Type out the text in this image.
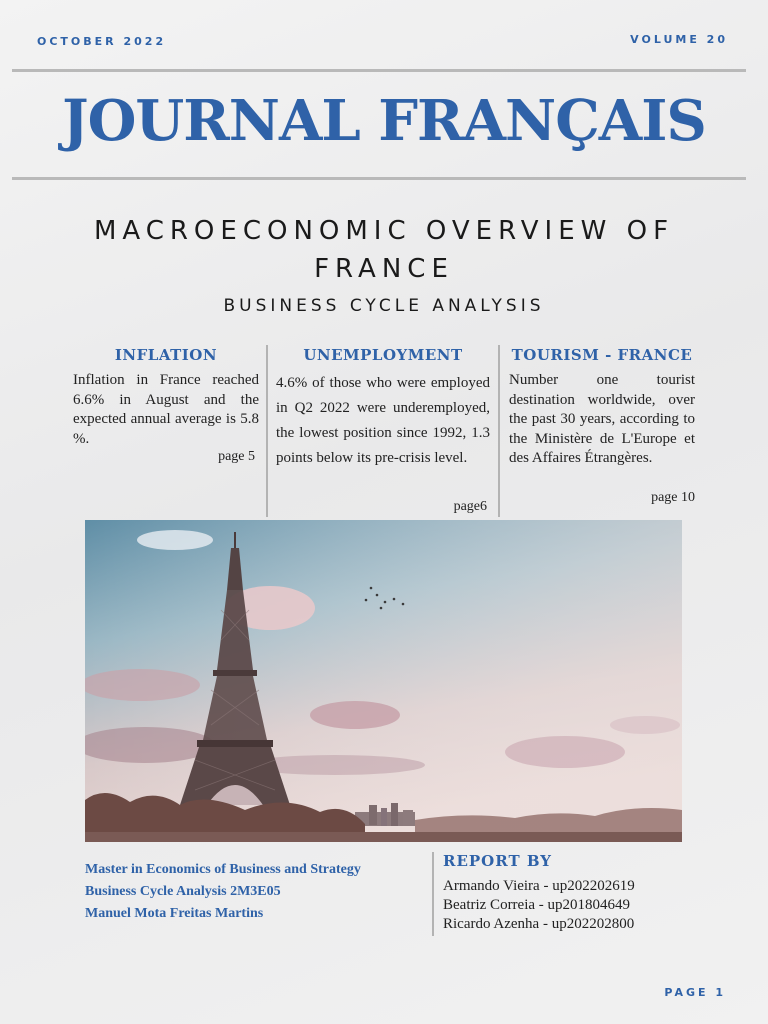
OCTOBER 2022	VOLUME 20
JOURNAL FRANÇAIS
MACROECONOMIC OVERVIEW OF FRANCE
BUSINESS CYCLE ANALYSIS
INFLATION
Inflation in France reached 6.6% in August and the expected annual average is 5.8 %.
page 5
UNEMPLOYMENT
4.6% of those who were employed in Q2 2022 were underemployed, the lowest position since 1992, 1.3 points below its pre-crisis level.
page6
TOURISM - FRANCE
Number one tourist destination worldwide, over the past 30 years, according to the Ministère de L'Europe et des Affaires Étrangères.
page 10
Master in Economics of Business and Strategy
Business Cycle Analysis 2M3E05
Manuel Mota Freitas Martins
REPORT BY
Armando Vieira - up202202619
Beatriz Correia - up201804649
Ricardo Azenha - up202202800
PAGE 1
